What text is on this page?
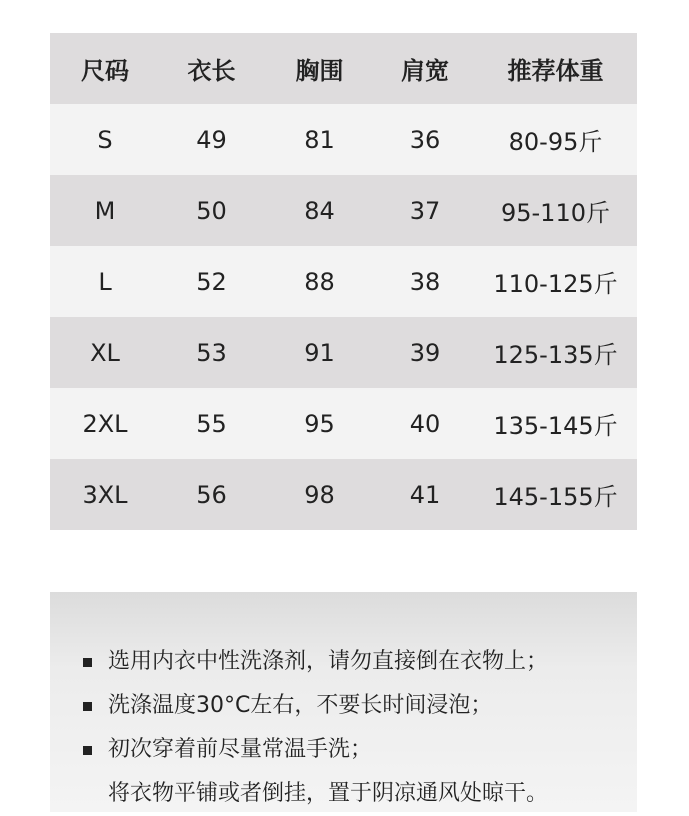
尺码	衣长	胸围	肩宽	推荐体重
S	49	81	36	80-95斤
M	50	84	37	95-110斤
L	52	88	38	110-125斤
XL	53	91	39	125-135斤
2XL	55	95	40	135-145斤
3XL	56	98	41	145-155斤
选用内衣中性洗涤剂，请勿直接倒在衣物上；
洗涤温度30°C左右，不要长时间浸泡；
初次穿着前尽量常温手洗；
将衣物平铺或者倒挂，置于阴凉通风处晾干。
